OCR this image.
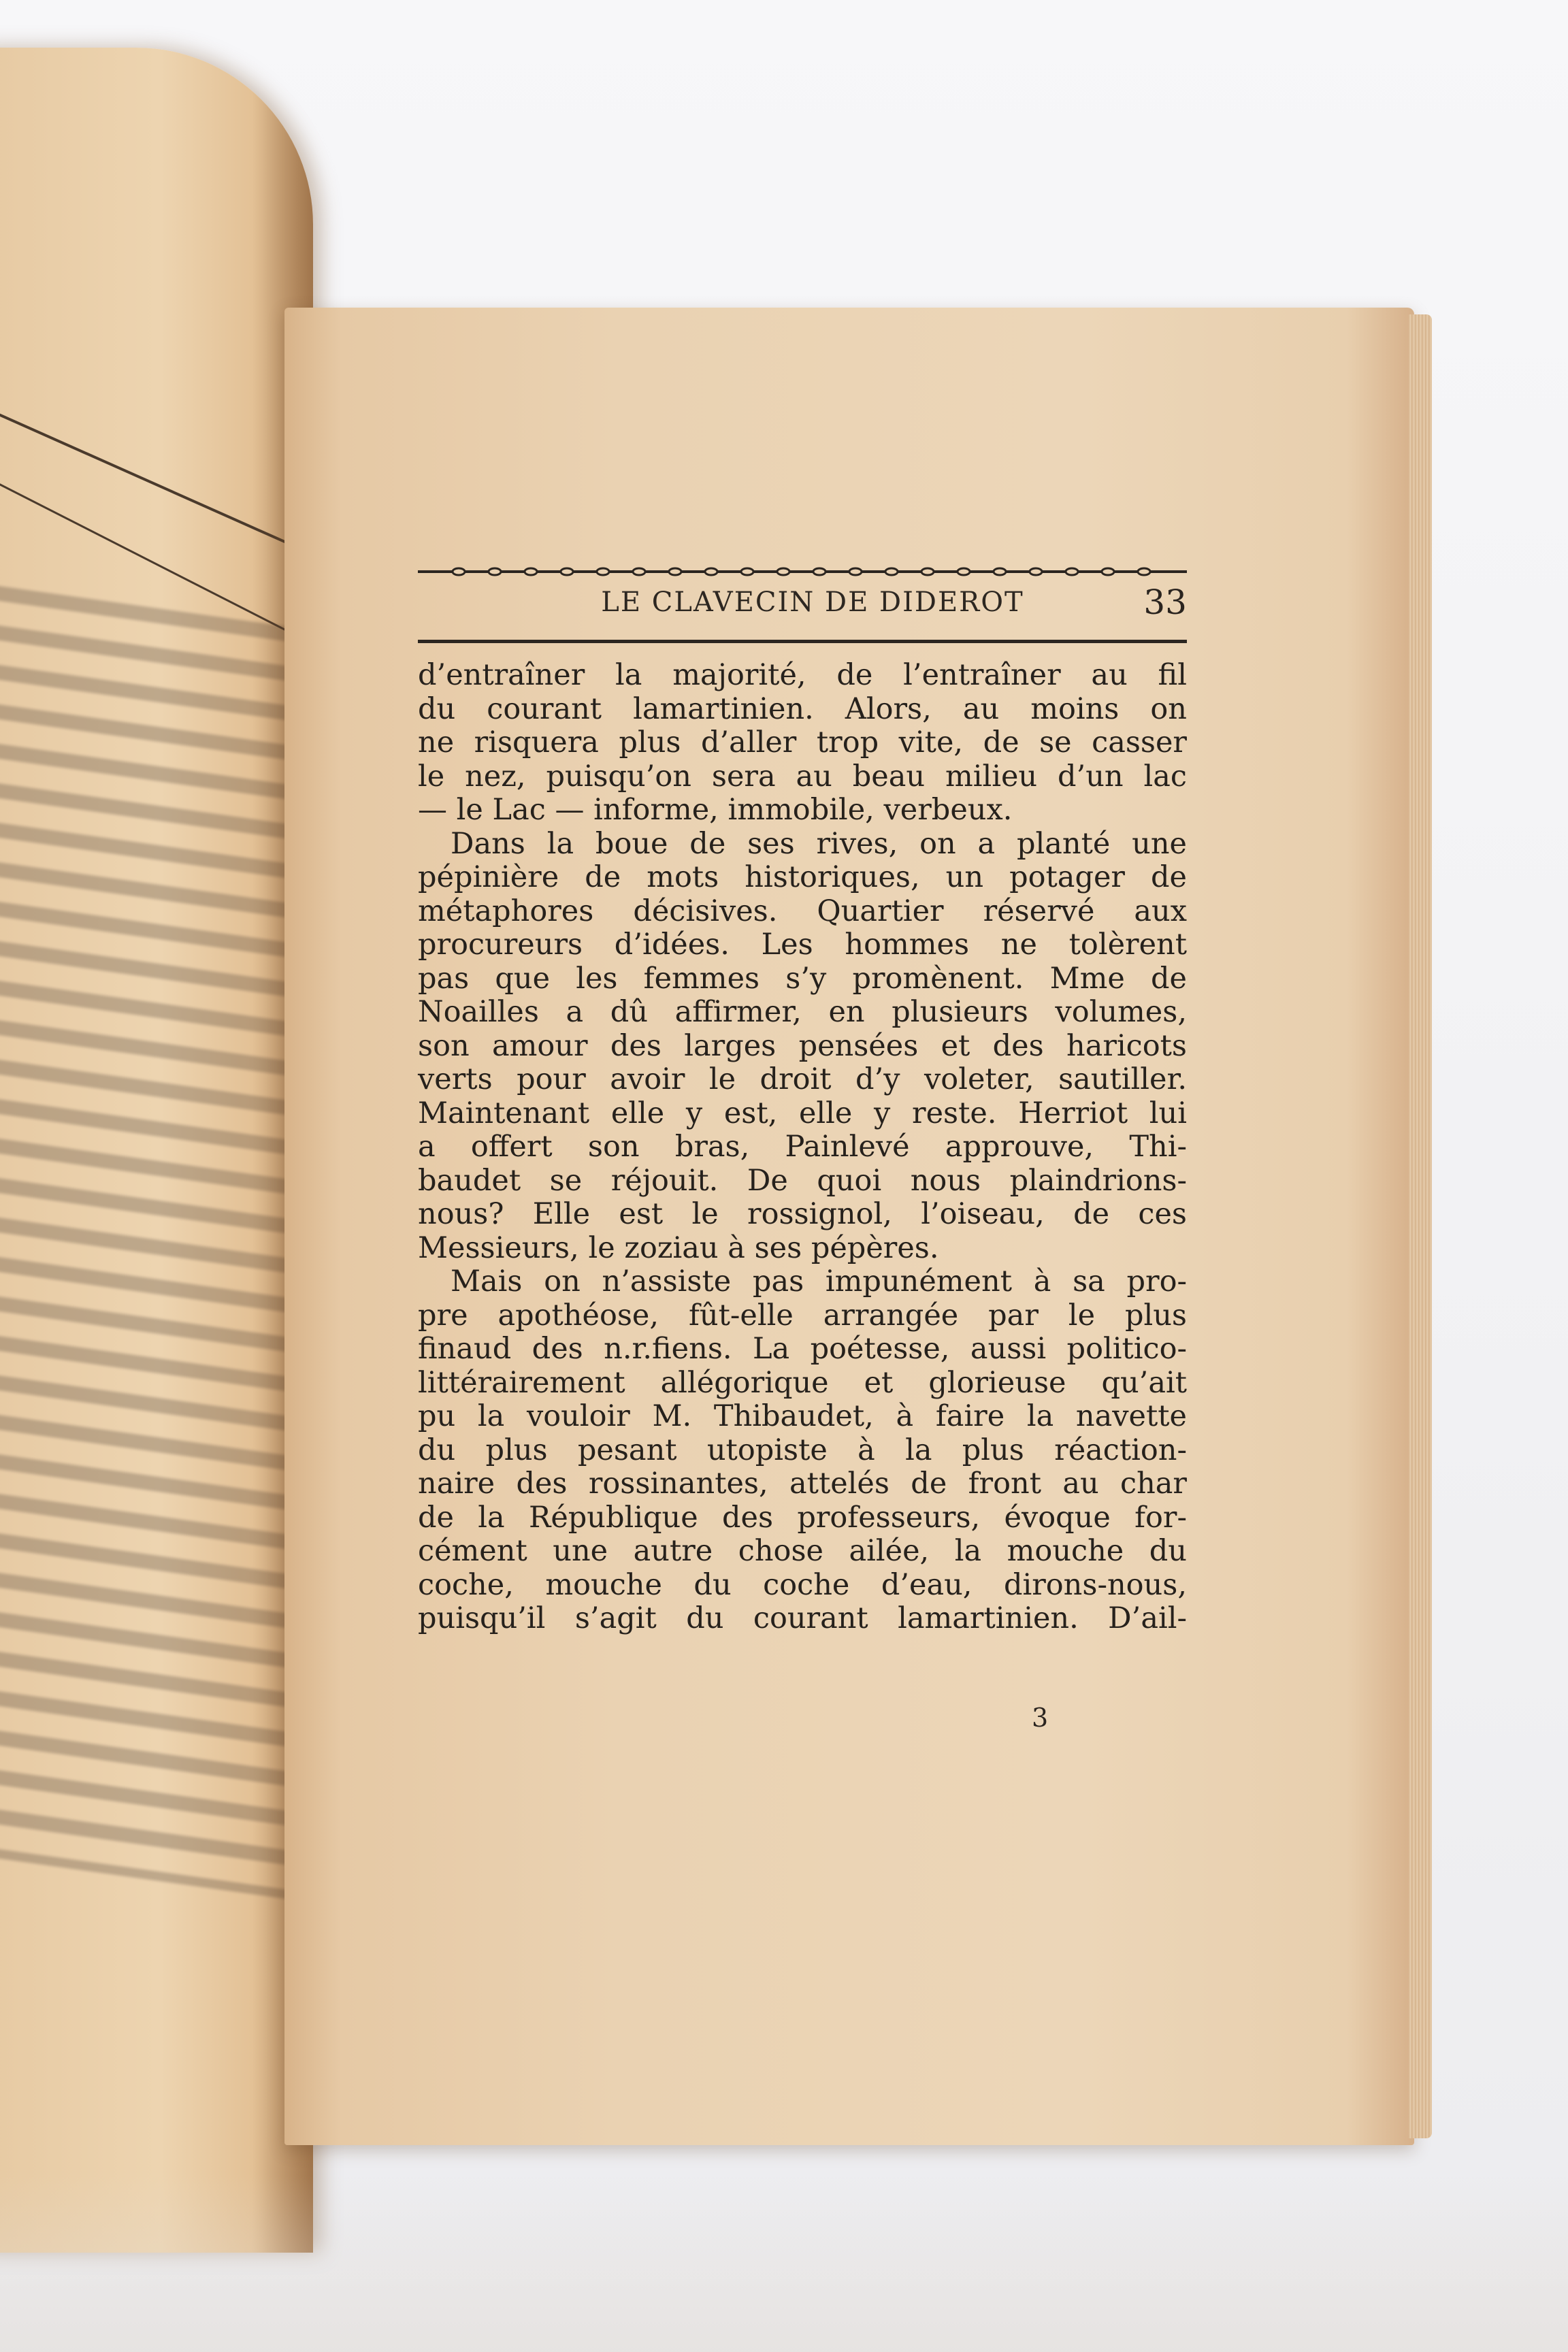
LE CLAVECIN DE DIDEROT	33
d’entraîner la majorité, de l’entraîner au fil
du courant lamartinien. Alors, au moins on
ne risquera plus d’aller trop vite, de se casser
le nez, puisqu’on sera au beau milieu d’un lac
— le Lac — informe, immobile, verbeux.
Dans la boue de ses rives, on a planté une
pépinière de mots historiques, un potager de
métaphores décisives. Quartier réservé aux
procureurs d’idées. Les hommes ne tolèrent
pas que les femmes s’y promènent. Mme de
Noailles a dû affirmer, en plusieurs volumes,
son amour des larges pensées et des haricots
verts pour avoir le droit d’y voleter, sautiller.
Maintenant elle y est, elle y reste. Herriot lui
a offert son bras, Painlevé approuve, Thi-
baudet se réjouit. De quoi nous plaindrions-
nous? Elle est le rossignol, l’oiseau, de ces
Messieurs, le zoziau à ses pépères.
Mais on n’assiste pas impunément à sa pro-
pre apothéose, fût-elle arrangée par le plus
finaud des n.r.fiens. La poétesse, aussi politico-
littérairement allégorique et glorieuse qu’ait
pu la vouloir M. Thibaudet, à faire la navette
du plus pesant utopiste à la plus réaction-
naire des rossinantes, attelés de front au char
de la République des professeurs, évoque for-
cément une autre chose ailée, la mouche du
coche, mouche du coche d’eau, dirons-nous,
puisqu’il s’agit du courant lamartinien. D’ail-
3
